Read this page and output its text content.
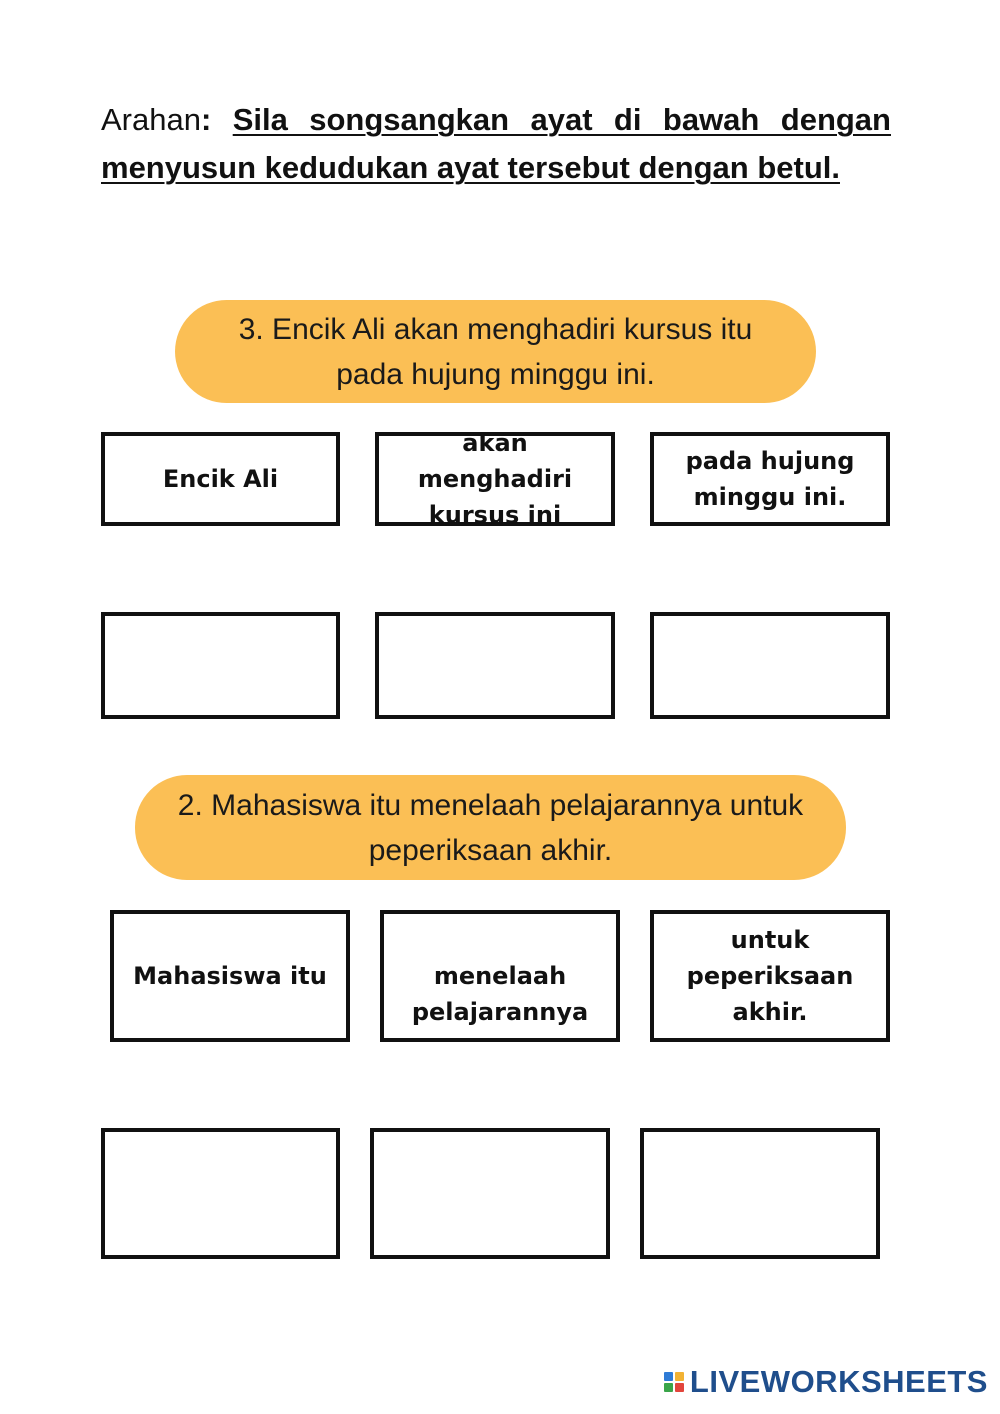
Arahan: Sila songsangkan ayat di bawah dengan menyusun kedudukan ayat tersebut dengan betul.
3. Encik Ali akan menghadiri kursus itu pada hujung minggu ini.
Encik Ali
akan menghadiri kursus ini
pada hujung minggu ini.
2. Mahasiswa itu menelaah pelajarannya untuk peperiksaan akhir.
Mahasiswa itu	
menelaah pelajarannya
untuk peperiksaan akhir.
LIVEWORKSHEETS
